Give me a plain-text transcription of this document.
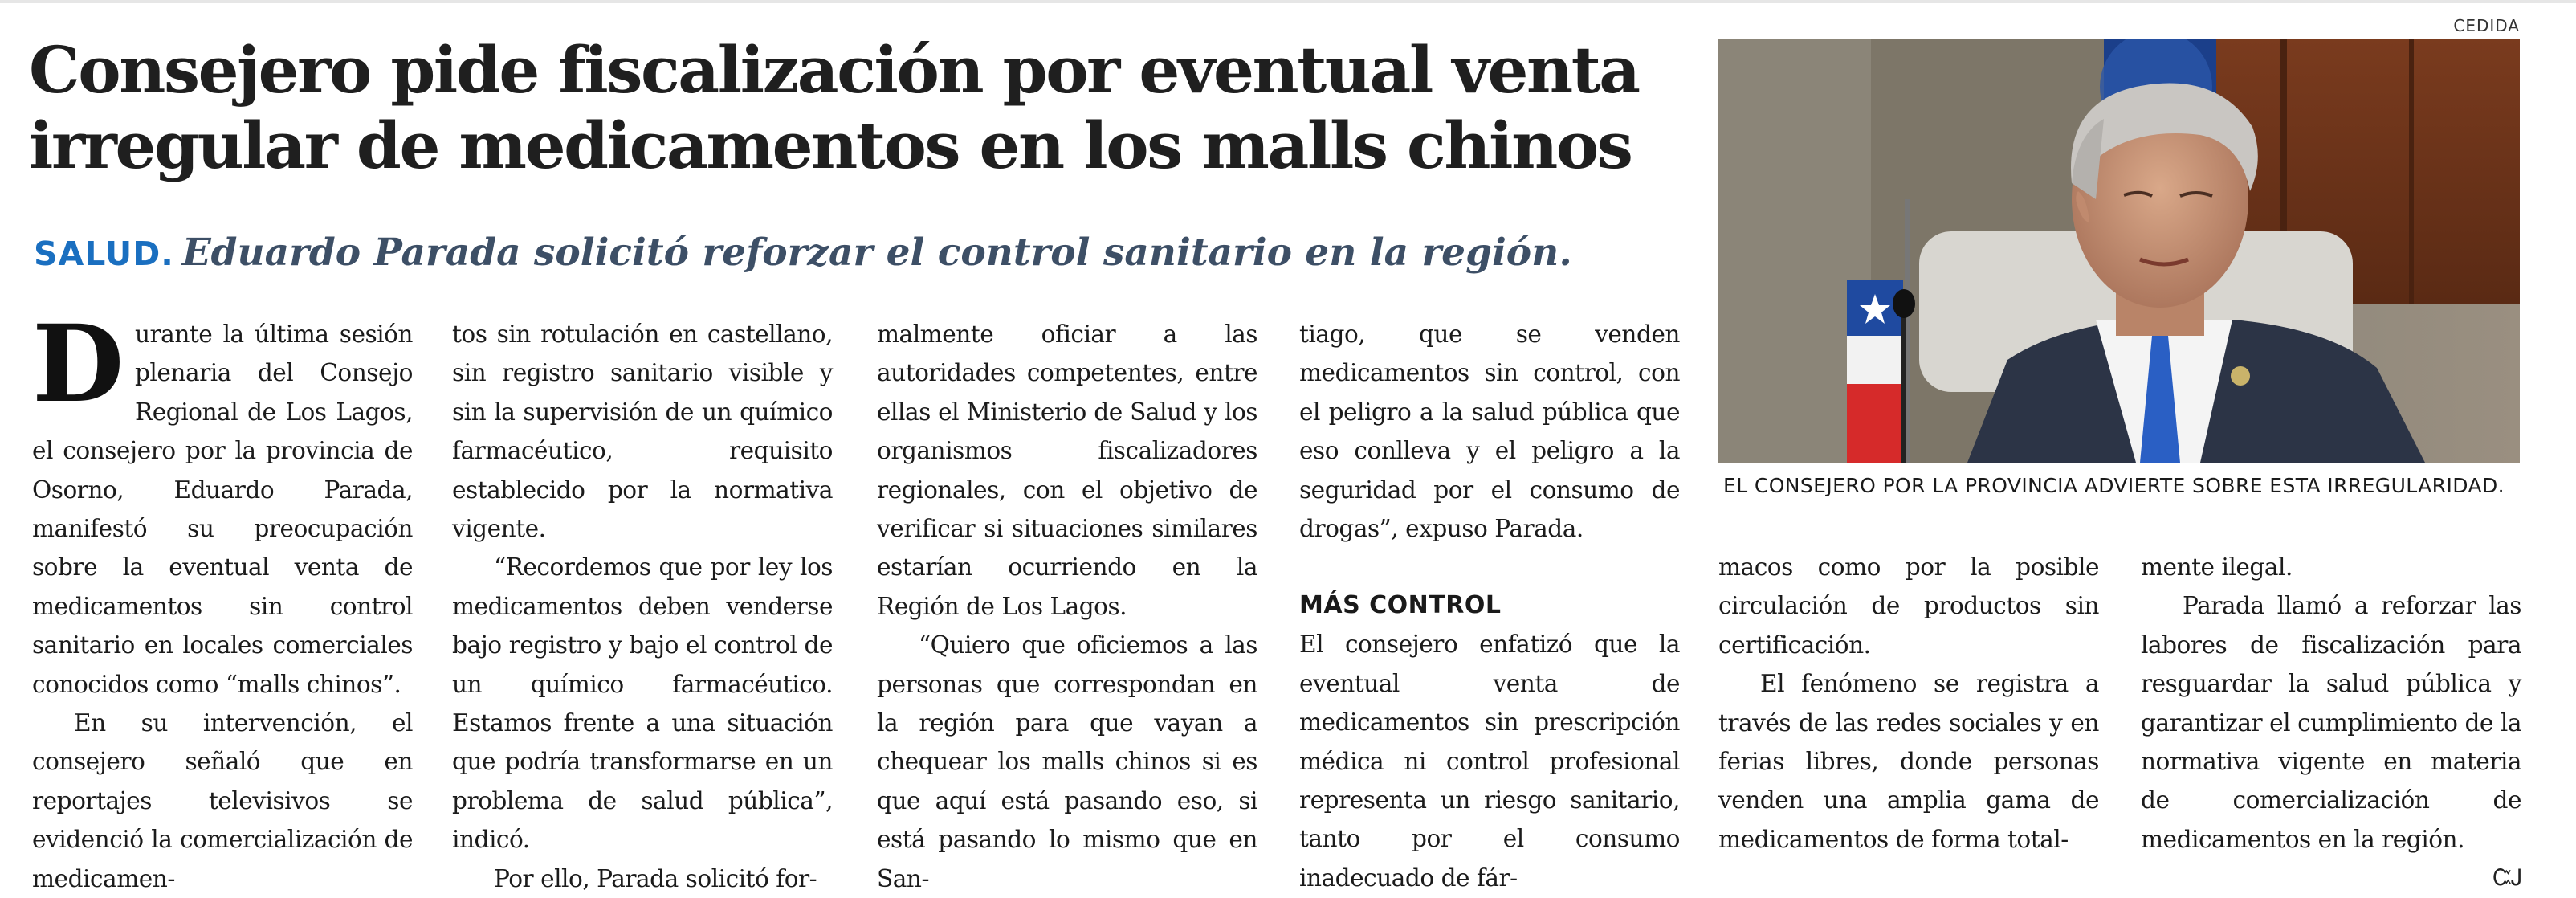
Consejero pide fiscalización por eventual venta irregular de medicamentos en los malls chinos
SALUD. Eduardo Parada solicitó reforzar el control sanitario en la región.
CEDIDA
EL CONSEJERO POR LA PROVINCIA ADVIERTE SOBRE ESTA IRREGULARIDAD.

Durante la última sesión plenaria del Consejo Regional de Los Lagos, el consejero por la provincia de Osorno, Eduardo Parada, manifestó su preocupación sobre la eventual venta de medicamentos sin control sanitario en locales comerciales conocidos como “malls chinos”.

En su intervención, el consejero señaló que en reportajes televisivos se evidenció la comercialización de medicamen-

tos sin rotulación en castellano, sin registro sanitario visible y sin la supervisión de un químico farmacéutico, requisito establecido por la normativa vigente.

“Recordemos que por ley los medicamentos deben venderse bajo registro y bajo el control de un químico farmacéutico. Estamos frente a una situación que podría transformarse en un problema de salud pública”, indicó.

Por ello, Parada solicitó for-

malmente oficiar a las autoridades competentes, entre ellas el Ministerio de Salud y los organismos fiscalizadores regionales, con el objetivo de verificar si situaciones similares estarían ocurriendo en la Región de Los Lagos.

“Quiero que oficiemos a las personas que correspondan en la región para que vayan a chequear los malls chinos si es que aquí está pasando eso, si está pasando lo mismo que en San-

tiago, que se venden medicamentos sin control, con el peligro a la salud pública que eso conlleva y el peligro a la seguridad por el consumo de drogas”, expuso Parada.

MÁS CONTROL

El consejero enfatizó que la eventual venta de medicamentos sin prescripción médica ni control profesional representa un riesgo sanitario, tanto por el consumo inadecuado de fár-

macos como por la posible circulación de productos sin certificación.

El fenómeno se registra a través de las redes sociales y en ferias libres, donde personas venden una amplia gama de medicamentos de forma total-

mente ilegal.

Parada llamó a reforzar las labores de fiscalización para resguardar la salud pública y garantizar el cumplimiento de la normativa vigente en materia de comercialización de medicamentos en la región.
ᏨᎫ
